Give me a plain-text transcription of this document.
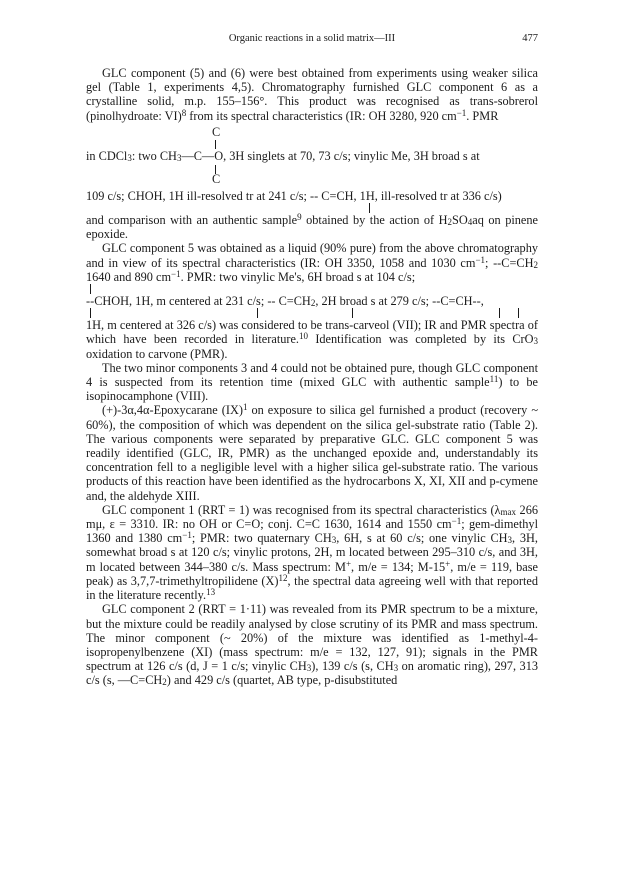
Organic reactions in a solid matrix—III	477

GLC component (5) and (6) were best obtained from experiments using weaker silica gel (Table 1, experiments 4,5). Chromatography furnished GLC component 6 as a crystalline solid, m.p. 155–156°. This product was recognised as trans-sobrerol (pinolhydroate: VI)$^8$ from its spectral characteristics (IR: OH 3280, 920 $cm^{-1}$. PMR

C
in CDCl3: two CH3—C—O, 3H singlets at 70, 73 c/s; vinylic Me, 3H broad s at
C

109 c/s; CHOH, 1H ill-resolved tr at 241 c/s; -- C=CH, 1H, ill-resolved tr at 336 c/s)

and comparison with an authentic sample$^9$ obtained by the action of H2SO4aq on pinene epoxide.

GLC component 5 was obtained as a liquid (90% pure) from the above chromatography and in view of its spectral characteristics (IR: OH 3350, 1058 and 1030 $cm^{-1}$; --C=CH2 1640 and 890 $cm^{-1}$. PMR: two vinylic Me's, 6H broad s at 104 c/s;

--CHOH, 1H, m centered at 231 c/s; -- C=CH2, 2H broad s at 279 c/s; --C=CH--,

1H, m centered at 326 c/s) was considered to be trans-carveol (VII); IR and PMR spectra of which have been recorded in literature.$^{10}$ Identification was completed by its CrO3 oxidation to carvone (PMR).

The two minor components 3 and 4 could not be obtained pure, though GLC component 4 is suspected from its retention time (mixed GLC with authentic sample$^{11}$) to be isopinocamphone (VIII).

(+)-3α,4α-Epoxycarane (IX)$^1$ on exposure to silica gel furnished a product (recovery ~ 60%), the composition of which was dependent on the silica gel-substrate ratio (Table 2). The various components were separated by preparative GLC. GLC component 5 was readily identified (GLC, IR, PMR) as the unchanged epoxide and, understandably its concentration fell to a negligible level with a higher silica gel-substrate ratio. The various products of this reaction have been identified as the hydrocarbons X, XI, XII and p-cymene and, the aldehyde XIII.

GLC component 1 (RRT = 1) was recognised from its spectral characteristics (λmax 266 mμ, ε = 3310. IR: no OH or C=O; conj. C=C 1630, 1614 and 1550 $cm^{-1}$; gem-dimethyl 1360 and 1380 $cm^{-1}$; PMR: two quaternary CH3, 6H, s at 60 c/s; one vinylic CH3, 3H, somewhat broad s at 120 c/s; vinylic protons, 2H, m located between 295–310 c/s, and 3H, m located between 344–380 c/s. Mass spectrum: M+, m/e = 134; M-15+, m/e = 119, base peak) as 3,7,7-trimethyltropilidene $(X)^{12}$, the spectral data agreeing well with that reported in the literature recently.$^{13}$

GLC component 2 (RRT = 1·11) was revealed from its PMR spectrum to be a mixture, but the mixture could be readily analysed by close scrutiny of its PMR and mass spectrum. The minor component (~ 20%) of the mixture was identified as 1-methyl-4-isopropenylbenzene (XI) (mass spectrum: m/e = 132, 127, 91); signals in the PMR spectrum at 126 c/s (d, J = 1 c/s; vinylic CH3), 139 c/s (s, CH3 on aromatic ring), 297, 313 c/s (s, —C=CH2) and 429 c/s (quartet, AB type, p-disubstituted
